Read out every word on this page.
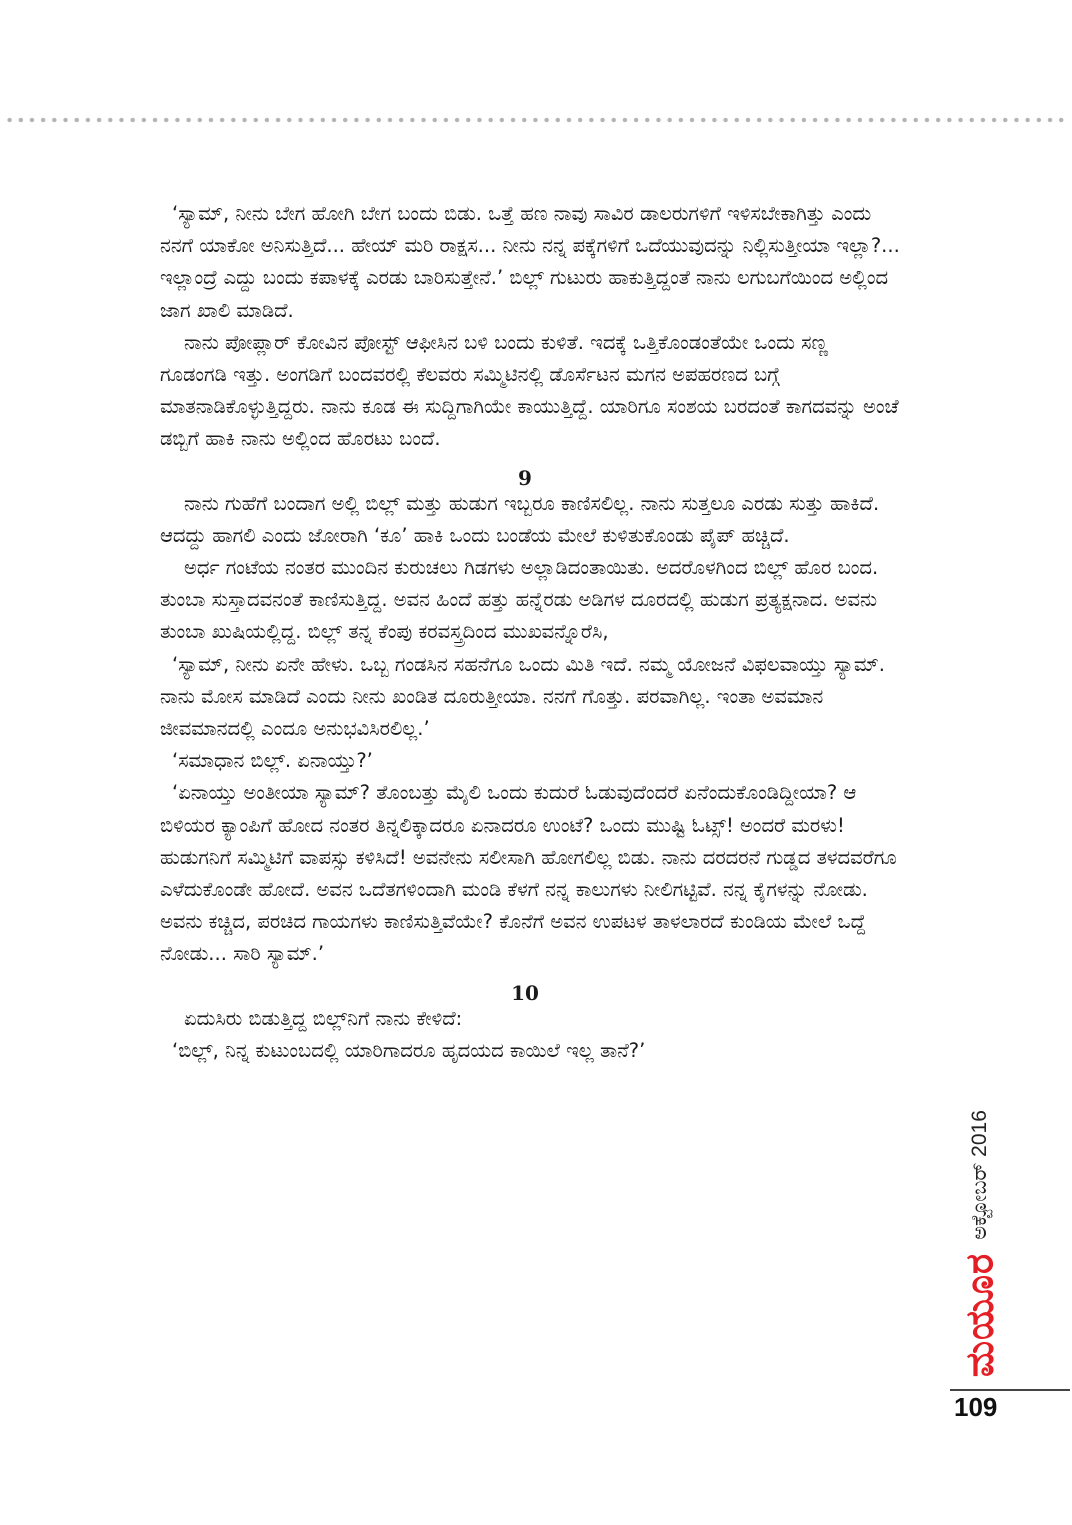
‘ಸ್ಯಾಮ್, ನೀನು ಬೇಗ ಹೋಗಿ ಬೇಗ ಬಂದು ಬಿಡು. ಒತ್ತೆ ಹಣ ನಾವು ಸಾವಿರ ಡಾಲರುಗಳಿಗೆ ಇಳಿಸಬೇಕಾಗಿತ್ತು ಎಂದು ನನಗೆ ಯಾಕೋ ಅನಿಸುತ್ತಿದೆ... ಹೇಯ್ ಮರಿ ರಾಕ್ಷಸ... ನೀನು ನನ್ನ ಪಕ್ಕೆಗಳಿಗೆ ಒದೆಯುವುದನ್ನು ನಿಲ್ಲಿಸುತ್ತೀಯಾ ಇಲ್ಲಾ?... ಇಲ್ಲಾಂದ್ರೆ ಎದ್ದು ಬಂದು ಕಪಾಳಕ್ಕೆ ಎರಡು ಬಾರಿಸುತ್ತೇನೆ.’ ಬಿಲ್ಲ್ ಗುಟುರು ಹಾಕುತ್ತಿದ್ದಂತೆ ನಾನು ಲಗುಬಗೆಯಿಂದ ಅಲ್ಲಿಂದ ಜಾಗ ಖಾಲಿ ಮಾಡಿದೆ.

ನಾನು ಪೋಪ್ಲಾರ್ ಕೋವಿನ ಪೋಸ್ಟ್ ಆಫೀಸಿನ ಬಳಿ ಬಂದು ಕುಳಿತೆ. ಇದಕ್ಕೆ ಒತ್ತಿಕೊಂಡಂತೆಯೇ ಒಂದು ಸಣ್ಣ ಗೂಡಂಗಡಿ ಇತ್ತು. ಅಂಗಡಿಗೆ ಬಂದವರಲ್ಲಿ ಕೆಲವರು ಸಮ್ಮಿಟಿನಲ್ಲಿ ಡೊರ್ಸೆಟನ ಮಗನ ಅಪಹರಣದ ಬಗ್ಗೆ ಮಾತನಾಡಿಕೊಳ್ಳುತ್ತಿದ್ದರು. ನಾನು ಕೂಡ ಈ ಸುದ್ದಿಗಾಗಿಯೇ ಕಾಯುತ್ತಿದ್ದೆ. ಯಾರಿಗೂ ಸಂಶಯ ಬರದಂತೆ ಕಾಗದವನ್ನು ಅಂಚೆ ಡಬ್ಬಿಗೆ ಹಾಕಿ ನಾನು ಅಲ್ಲಿಂದ ಹೊರಟು ಬಂದೆ.

9

ನಾನು ಗುಹೆಗೆ ಬಂದಾಗ ಅಲ್ಲಿ ಬಿಲ್ಲ್ ಮತ್ತು ಹುಡುಗ ಇಬ್ಬರೂ ಕಾಣಿಸಲಿಲ್ಲ. ನಾನು ಸುತ್ತಲೂ ಎರಡು ಸುತ್ತು ಹಾಕಿದೆ. ಆದದ್ದು ಹಾಗಲಿ ಎಂದು ಜೋರಾಗಿ ‘ಕೂ’ ಹಾಕಿ ಒಂದು ಬಂಡೆಯ ಮೇಲೆ ಕುಳಿತುಕೊಂಡು ಪೈಪ್ ಹಚ್ಚಿದೆ.

ಅರ್ಧ ಗಂಟೆಯ ನಂತರ ಮುಂದಿನ ಕುರುಚಲು ಗಿಡಗಳು ಅಲ್ಲಾಡಿದಂತಾಯಿತು. ಅದರೊಳಗಿಂದ ಬಿಲ್ಲ್ ಹೊರ ಬಂದ. ತುಂಬಾ ಸುಸ್ತಾದವನಂತೆ ಕಾಣಿಸುತ್ತಿದ್ದ. ಅವನ ಹಿಂದೆ ಹತ್ತು ಹನ್ನೆರಡು ಅಡಿಗಳ ದೂರದಲ್ಲಿ ಹುಡುಗ ಪ್ರತ್ಯಕ್ಷನಾದ. ಅವನು ತುಂಬಾ ಖುಷಿಯಲ್ಲಿದ್ದ. ಬಿಲ್ಲ್ ತನ್ನ ಕೆಂಪು ಕರವಸ್ತ್ರದಿಂದ ಮುಖವನ್ನೊರೆಸಿ,

‘ಸ್ಯಾಮ್, ನೀನು ಏನೇ ಹೇಳು. ಒಬ್ಬ ಗಂಡಸಿನ ಸಹನೆಗೂ ಒಂದು ಮಿತಿ ಇದೆ. ನಮ್ಮ ಯೋಜನೆ ವಿಫಲವಾಯ್ತು ಸ್ಯಾಮ್. ನಾನು ಮೋಸ ಮಾಡಿದೆ ಎಂದು ನೀನು ಖಂಡಿತ ದೂರುತ್ತೀಯಾ. ನನಗೆ ಗೊತ್ತು. ಪರವಾಗಿಲ್ಲ. ಇಂತಾ ಅವಮಾನ ಜೀವಮಾನದಲ್ಲಿ ಎಂದೂ ಅನುಭವಿಸಿರಲಿಲ್ಲ.’

‘ಸಮಾಧಾನ ಬಿಲ್ಲ್. ಏನಾಯ್ತು?’

‘ಏನಾಯ್ತು ಅಂತೀಯಾ ಸ್ಯಾಮ್? ತೊಂಬತ್ತು ಮೈಲಿ ಒಂದು ಕುದುರೆ ಓಡುವುದೆಂದರೆ ಏನೆಂದುಕೊಂಡಿದ್ದೀಯಾ? ಆ ಬಿಳಿಯರ ಕ್ಯಾಂಪಿಗೆ ಹೋದ ನಂತರ ತಿನ್ನಲಿಕ್ಕಾದರೂ ಏನಾದರೂ ಉಂಟೆ? ಒಂದು ಮುಷ್ಟಿ ಓಟ್ಸ್! ಅಂದರೆ ಮರಳು! ಹುಡುಗನಿಗೆ ಸಮ್ಮಿಟಿಗೆ ವಾಪಸ್ಸು ಕಳಿಸಿದೆ! ಅವನೇನು ಸಲೀಸಾಗಿ ಹೋಗಲಿಲ್ಲ ಬಿಡು. ನಾನು ದರದರನೆ ಗುಡ್ಡದ ತಳದವರೆಗೂ ಎಳೆದುಕೊಂಡೇ ಹೋದೆ. ಅವನ ಒದೆತಗಳಿಂದಾಗಿ ಮಂಡಿ ಕೆಳಗೆ ನನ್ನ ಕಾಲುಗಳು ನೀಲಿಗಟ್ಟಿವೆ. ನನ್ನ ಕೈಗಳನ್ನು ನೋಡು. ಅವನು ಕಚ್ಚಿದ, ಪರಚಿದ ಗಾಯಗಳು ಕಾಣಿಸುತ್ತಿವೆಯೇ? ಕೊನೆಗೆ ಅವನ ಉಪಟಳ ತಾಳಲಾರದೆ ಕುಂಡಿಯ ಮೇಲೆ ಒದ್ದೆ ನೋಡು... ಸಾರಿ ಸ್ಯಾಮ್.’

10

ಏದುಸಿರು ಬಿಡುತ್ತಿದ್ದ ಬಿಲ್ಲ್‌ನಿಗೆ ನಾನು ಕೇಳಿದೆ:

‘ಬಿಲ್ಲ್, ನಿನ್ನ ಕುಟುಂಬದಲ್ಲಿ ಯಾರಿಗಾದರೂ ಹೃದಯದ ಕಾಯಿಲೆ ಇಲ್ಲ ತಾನೆ?’

ಅಕ್ಟೋಬರ್ 2016
ಮಯೂರ
109
